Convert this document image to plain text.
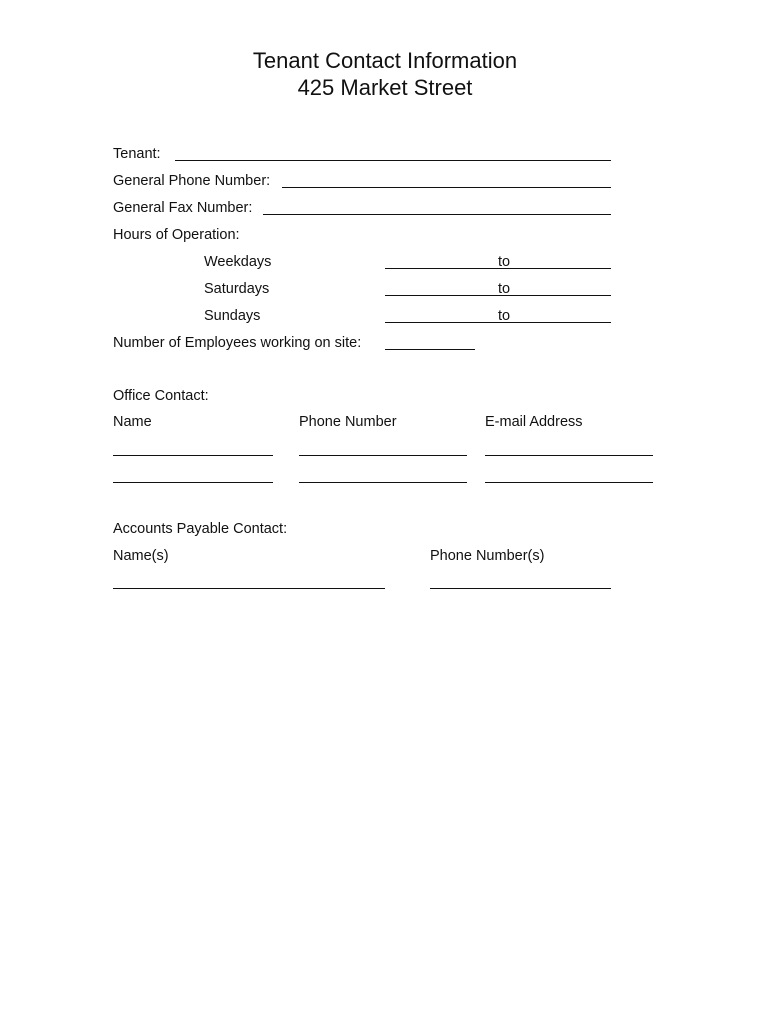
Tenant Contact Information
425 Market Street
Tenant:
General Phone Number:
General Fax Number:
Hours of Operation:
Weekdays	to
Saturdays	to
Sundays	to
Number of Employees working on site:
Office Contact:
Name	Phone Number	E-mail Address
Accounts Payable Contact:
Name(s)	Phone Number(s)
